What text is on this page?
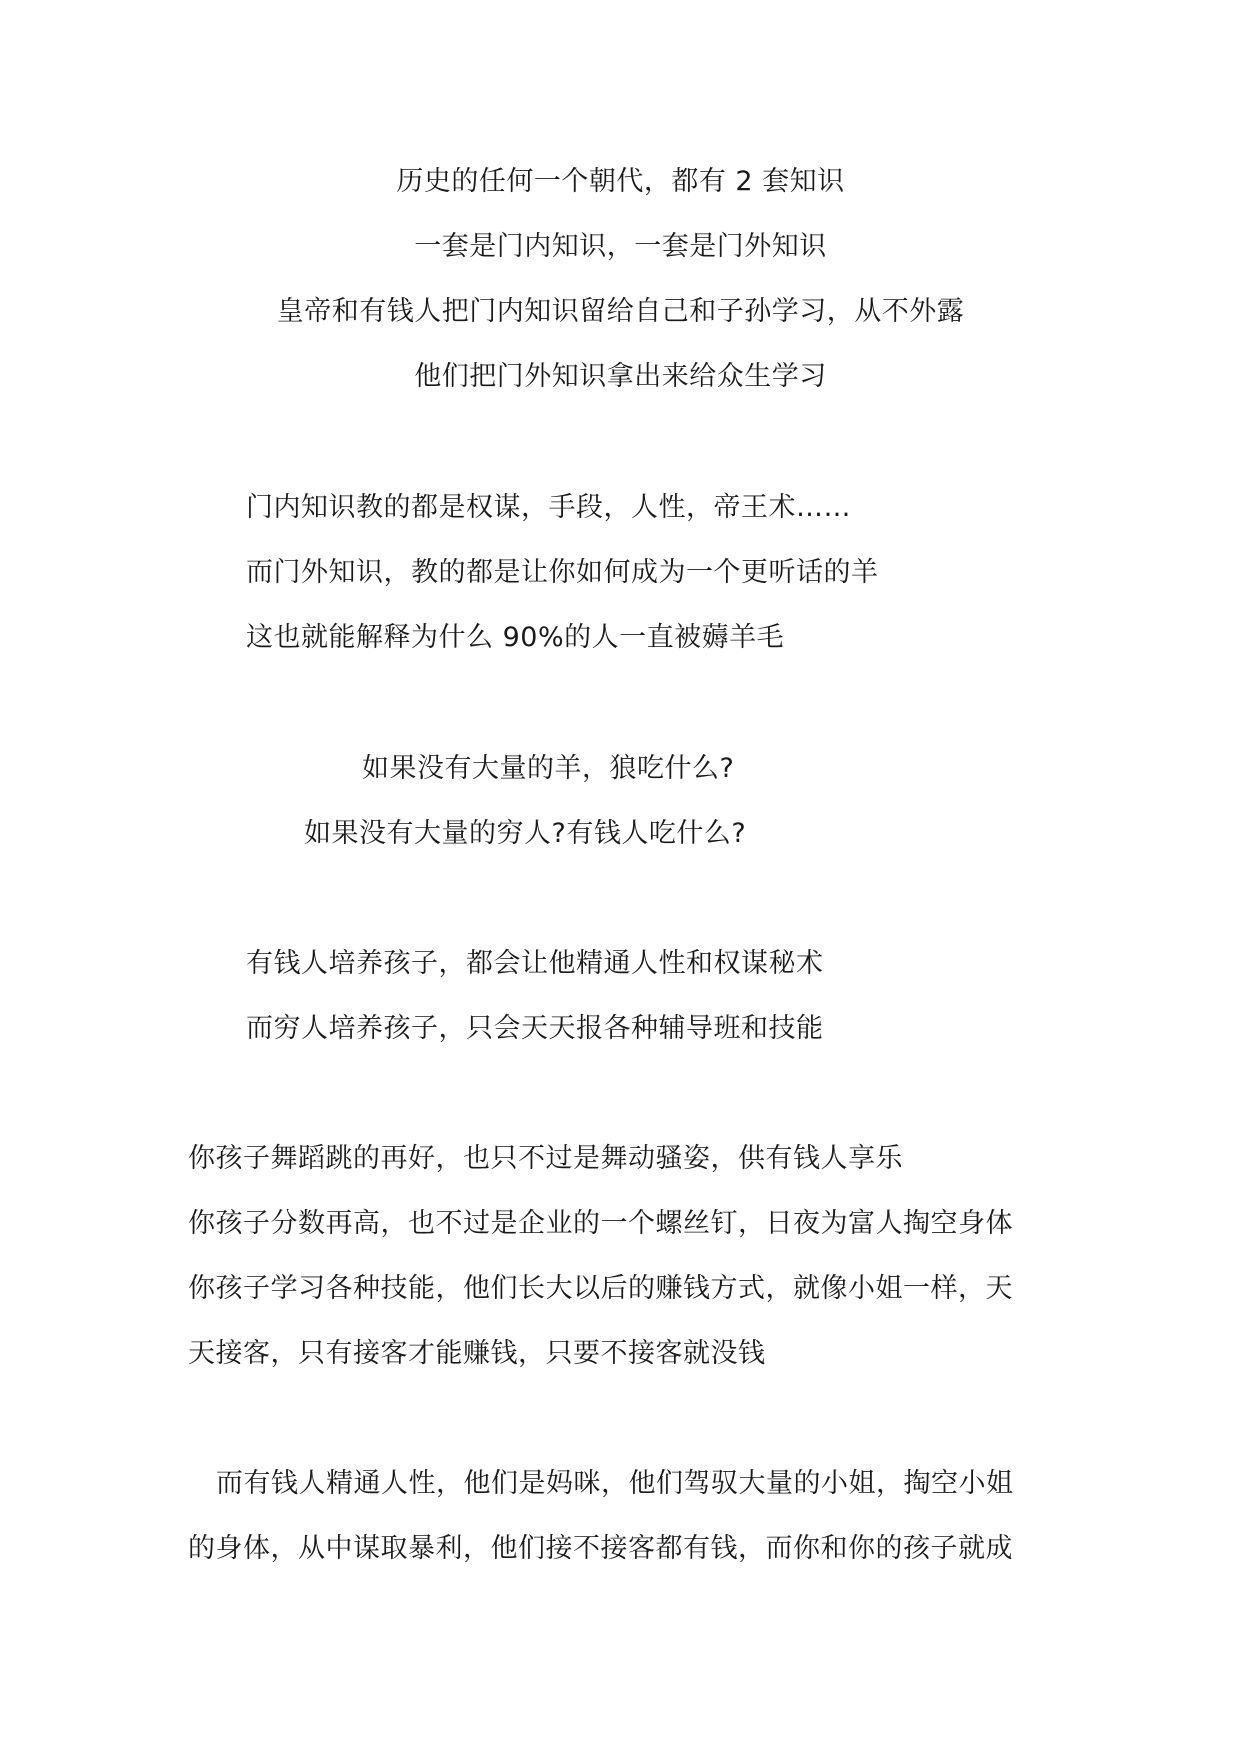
历史的任何一个朝代，都有 2 套知识
一套是门内知识，一套是门外知识
皇帝和有钱人把门内知识留给自己和子孙学习，从不外露
他们把门外知识拿出来给众生学习
门内知识教的都是权谋，手段，人性，帝王术……
而门外知识，教的都是让你如何成为一个更听话的羊
这也就能解释为什么 90%的人一直被薅羊毛
如果没有大量的羊，狼吃什么?
如果没有大量的穷人?有钱人吃什么?
有钱人培养孩子，都会让他精通人性和权谋秘术
而穷人培养孩子，只会天天报各种辅导班和技能
你孩子舞蹈跳的再好，也只不过是舞动骚姿，供有钱人享乐
你孩子分数再高，也不过是企业的一个螺丝钉，日夜为富人掏空身体
你孩子学习各种技能，他们长大以后的赚钱方式，就像小姐一样，天
天接客，只有接客才能赚钱，只要不接客就没钱
而有钱人精通人性，他们是妈咪，他们驾驭大量的小姐，掏空小姐
的身体，从中谋取暴利，他们接不接客都有钱，而你和你的孩子就成
